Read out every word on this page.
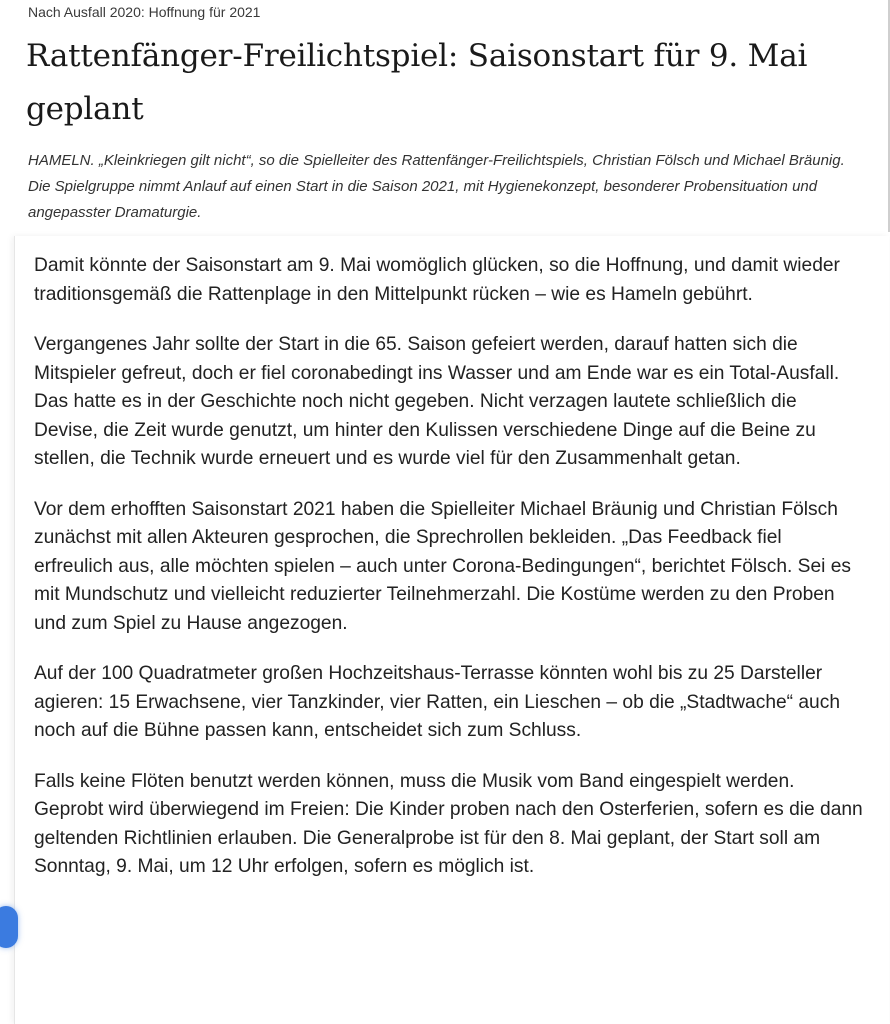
Nach Ausfall 2020: Hoffnung für 2021
Rattenfänger-Freilichtspiel: Saisonstart für 9. Mai geplant

HAMELN. „Kleinkriegen gilt nicht“, so die Spielleiter des Rattenfänger-Freilichtspiels, Christian Fölsch und Michael Bräunig. Die Spielgruppe nimmt Anlauf auf einen Start in die Saison 2021, mit Hygienekonzept, besonderer Probensituation und angepasster Dramaturgie.

Damit könnte der Saisonstart am 9. Mai womöglich glücken, so die Hoffnung, und damit wieder traditionsgemäß die Rattenplage in den Mittelpunkt rücken – wie es Hameln gebührt.

Vergangenes Jahr sollte der Start in die 65. Saison gefeiert werden, darauf hatten sich die Mitspieler gefreut, doch er fiel coronabedingt ins Wasser und am Ende war es ein Total-Ausfall. Das hatte es in der Geschichte noch nicht gegeben. Nicht verzagen lautete schließlich die Devise, die Zeit wurde genutzt, um hinter den Kulissen verschiedene Dinge auf die Beine zu stellen, die Technik wurde erneuert und es wurde viel für den Zusammenhalt getan.

Vor dem erhofften Saisonstart 2021 haben die Spielleiter Michael Bräunig und Christian Fölsch zunächst mit allen Akteuren gesprochen, die Sprechrollen bekleiden. „Das Feedback fiel erfreulich aus, alle möchten spielen – auch unter Corona-Bedingungen“, berichtet Fölsch. Sei es mit Mundschutz und vielleicht reduzierter Teilnehmerzahl. Die Kostüme werden zu den Proben und zum Spiel zu Hause angezogen.

Auf der 100 Quadratmeter großen Hochzeitshaus-Terrasse könnten wohl bis zu 25 Darsteller agieren: 15 Erwachsene, vier Tanzkinder, vier Ratten, ein Lieschen – ob die „Stadtwache“ auch noch auf die Bühne passen kann, entscheidet sich zum Schluss.

Falls keine Flöten benutzt werden können, muss die Musik vom Band eingespielt werden. Geprobt wird überwiegend im Freien: Die Kinder proben nach den Osterferien, sofern es die dann geltenden Richtlinien erlauben. Die Generalprobe ist für den 8. Mai geplant, der Start soll am Sonntag, 9. Mai, um 12 Uhr erfolgen, sofern es möglich ist.
